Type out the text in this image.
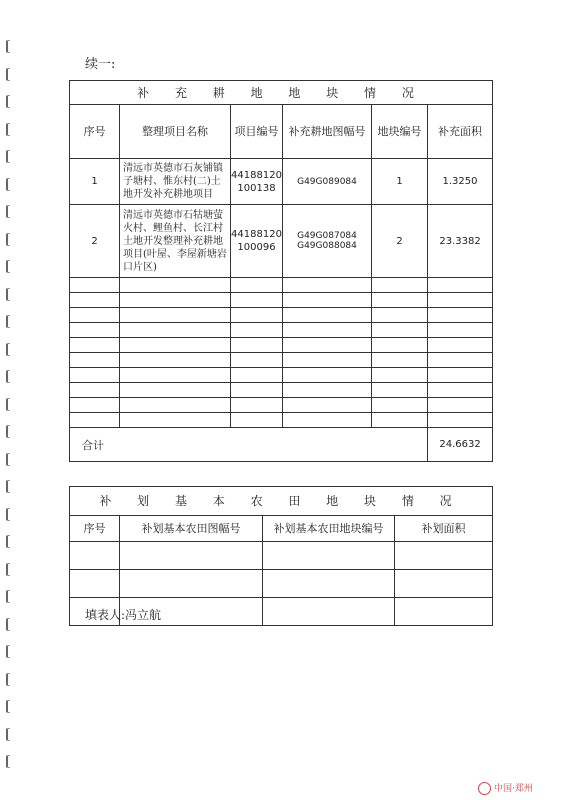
续一:
补 充 耕 地 地 块 情 况					
序号	整理项目名称	项目编号	补充耕地图幅号	地块编号	补充面积
1	清远市英德市石灰铺镇子塘村、惟东村(二)土地开发补充耕地项目	44188120 100138	G49G089084	1	1.3250
2	清远市英德市石牯塘萤火村、鲤鱼村、长江村土地开发整理补充耕地项目(叶屋、李屋新塘岩口片区)	44188120 100096	G49G087084 G49G088084	2	23.3382

合计					24.6632

补 划 基 本 农 田 地 块 情 况			
序号	补划基本农田图幅号	补划基本农田地块编号	补划面积

填表人:冯立航
中国·郑州
